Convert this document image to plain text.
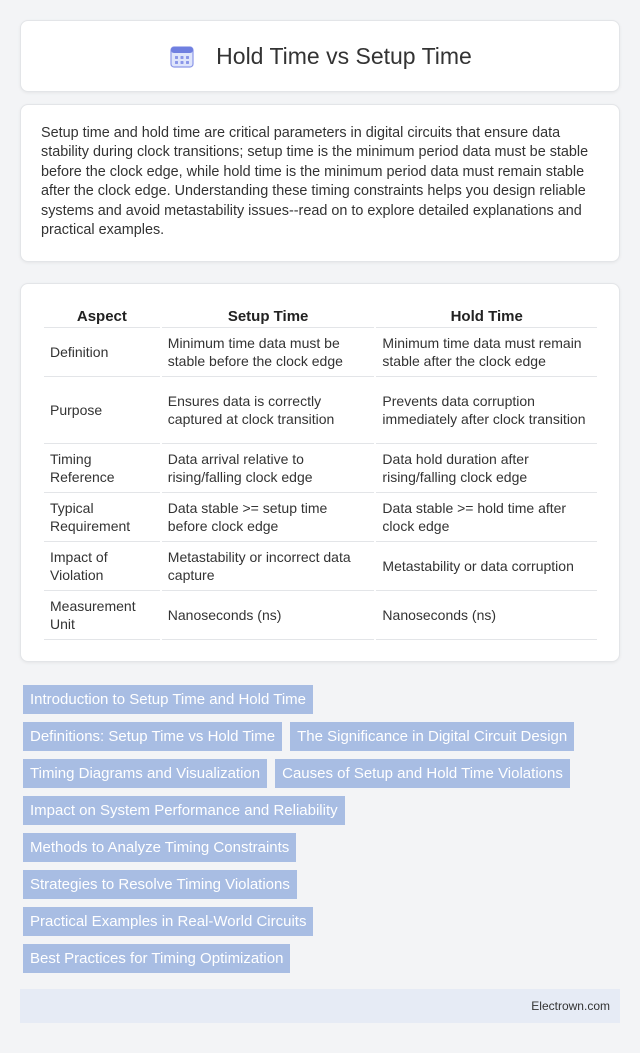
Hold Time vs Setup Time

Setup time and hold time are critical parameters in digital circuits that ensure data stability during clock transitions; setup time is the minimum period data must be stable before the clock edge, while hold time is the minimum period data must remain stable after the clock edge. Understanding these timing constraints helps you design reliable systems and avoid metastability issues--read on to explore detailed explanations and practical examples.

Aspect	Setup Time	Hold Time
Definition	Minimum time data must be stable before the clock edge	Minimum time data must remain stable after the clock edge
Purpose	Ensures data is correctly captured at clock transition	Prevents data corruption immediately after clock transition
Timing Reference	Data arrival relative to rising/falling clock edge	Data hold duration after rising/falling clock edge
Typical Requirement	Data stable >= setup time before clock edge	Data stable >= hold time after clock edge
Impact of Violation	Metastability or incorrect data capture	Metastability or data corruption
Measurement Unit	Nanoseconds (ns)	Nanoseconds (ns)
Introduction to Setup Time and Hold Time
Definitions: Setup Time vs Hold Time	The Significance in Digital Circuit Design
Timing Diagrams and Visualization	Causes of Setup and Hold Time Violations
Impact on System Performance and Reliability
Methods to Analyze Timing Constraints
Strategies to Resolve Timing Violations
Practical Examples in Real-World Circuits
Best Practices for Timing Optimization
Electrown.com
